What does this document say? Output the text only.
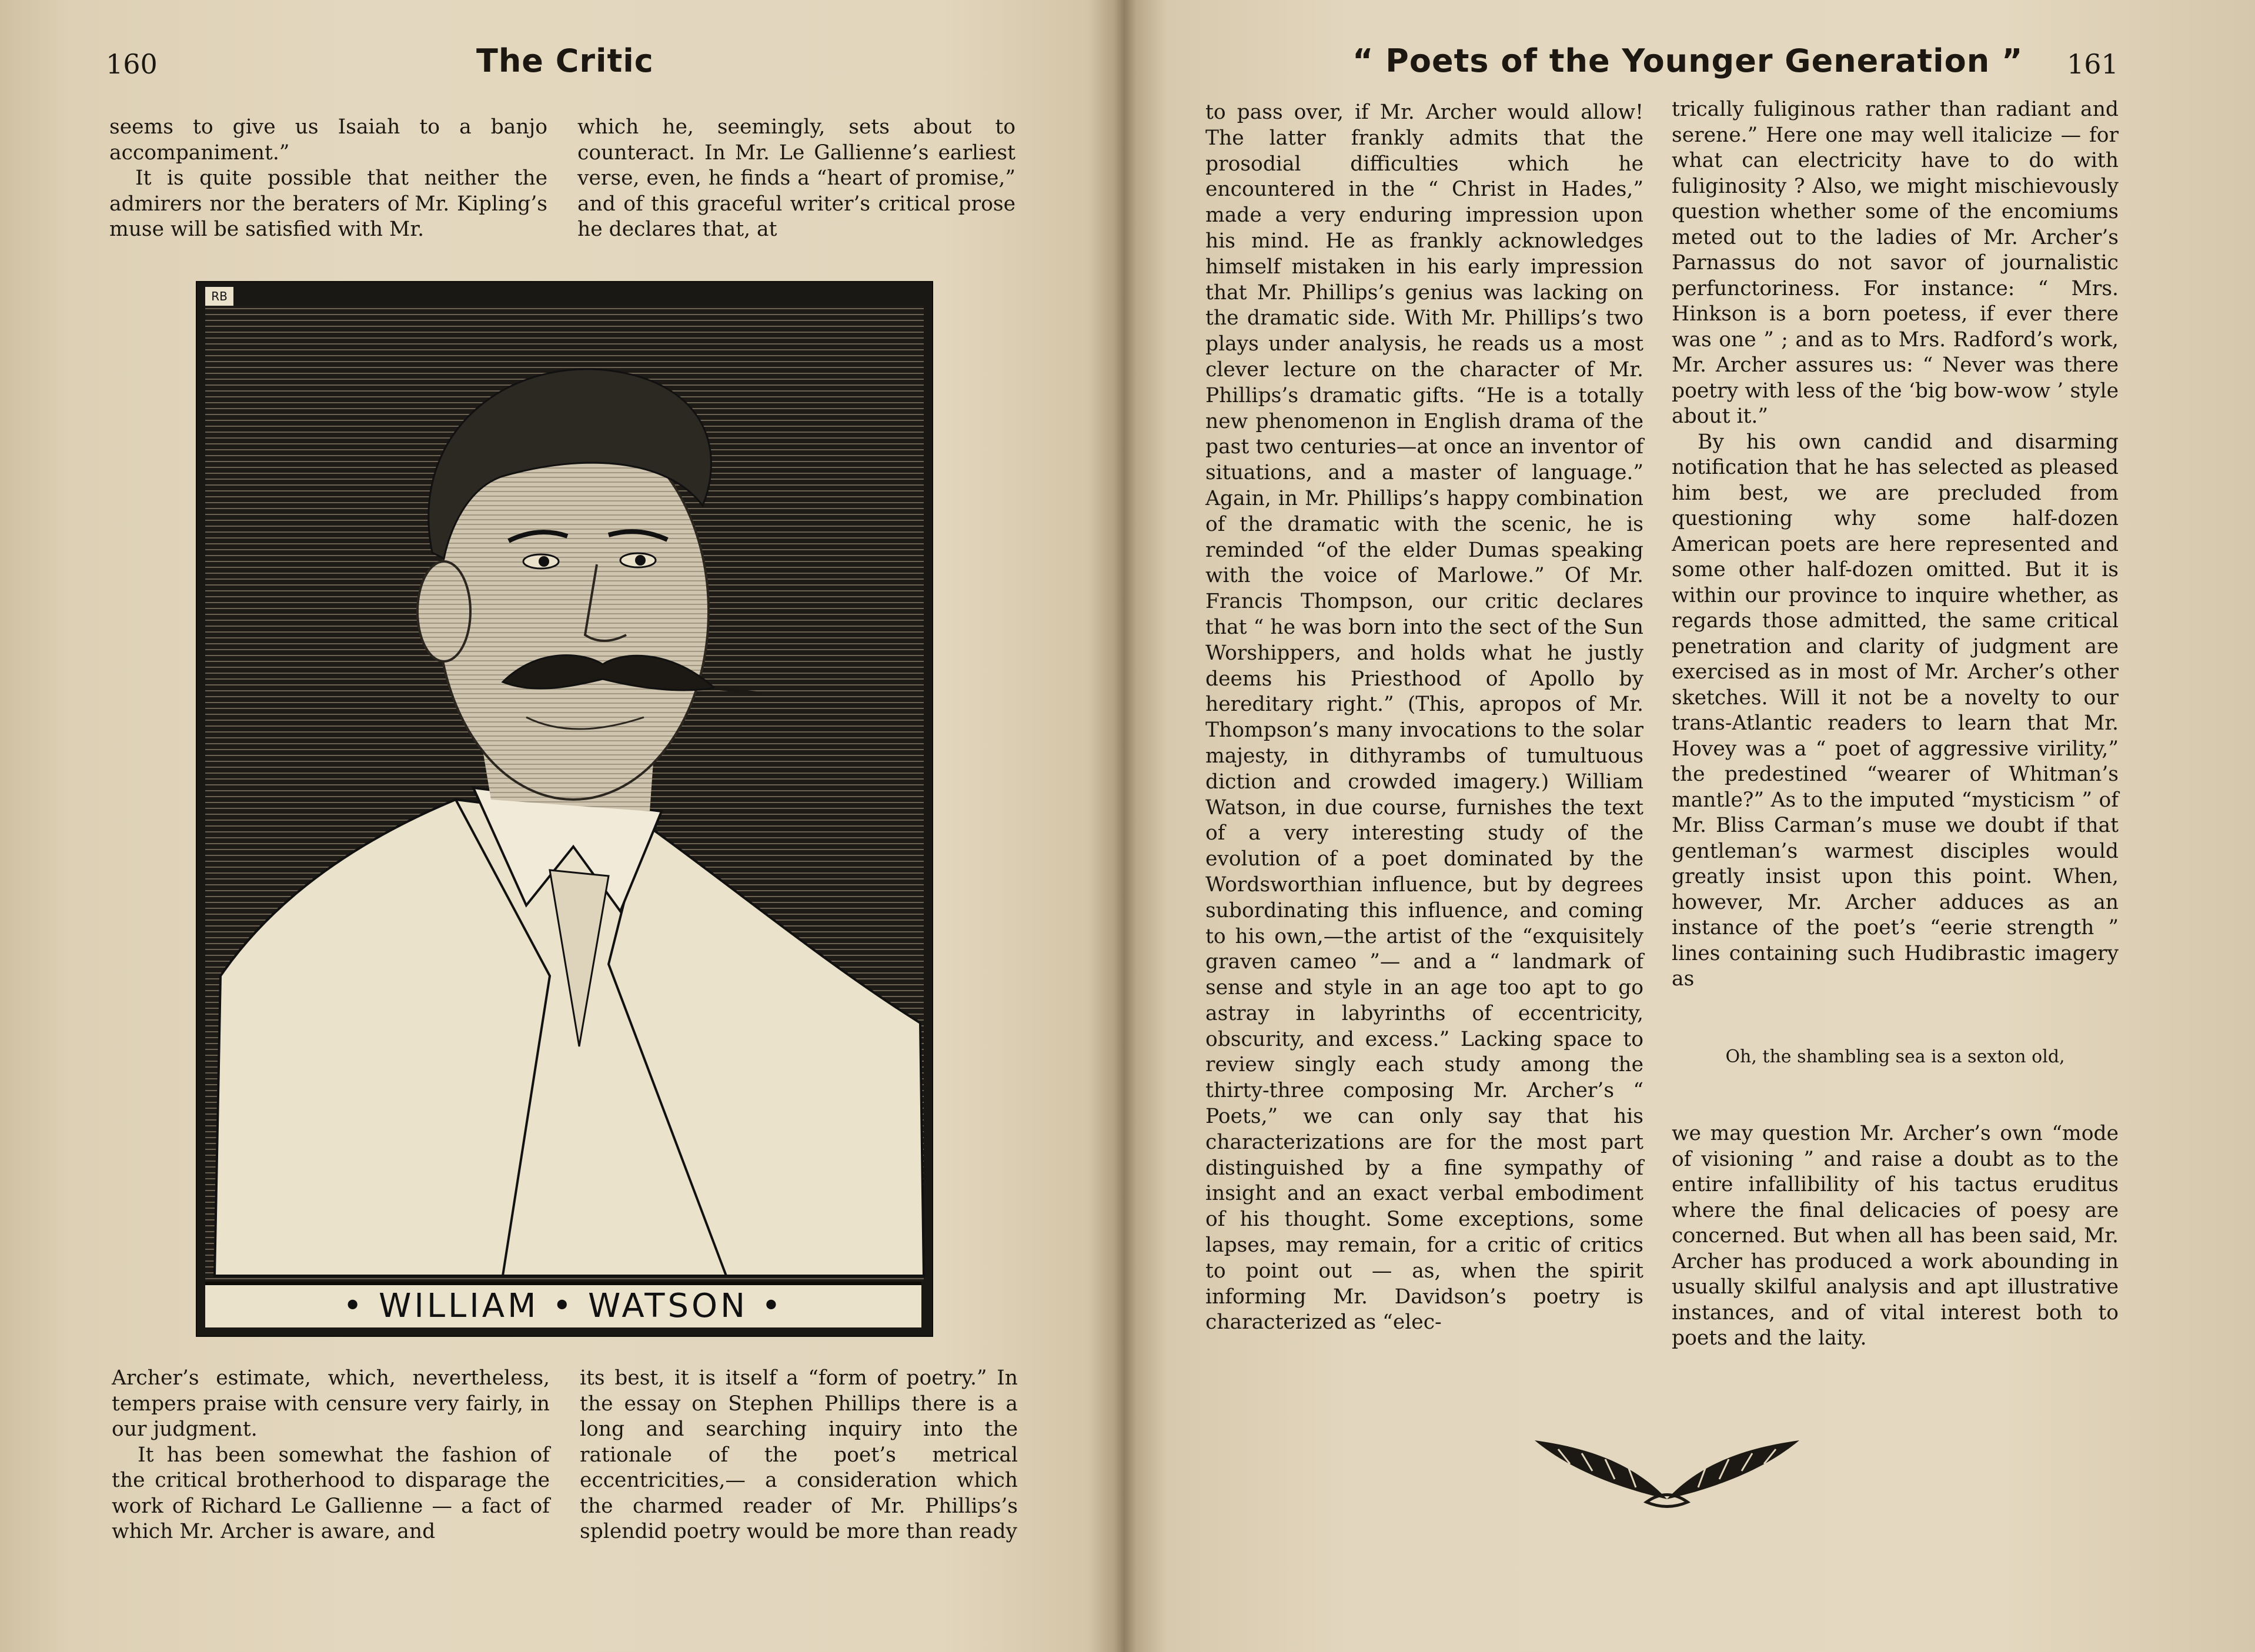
160	The Critic

seems to give us Isaiah to a banjo accompaniment.”

It is quite possible that neither the admirers nor the beraters of Mr. Kipling’s muse will be satisfied with Mr.

which he, seemingly, sets about to counteract. In Mr. Le Gallienne’s earliest verse, even, he finds a “heart of promise,” and of this graceful writer’s critical prose he declares that, at

RB
• WILLIAM • WATSON •

Archer’s estimate, which, nevertheless, tempers praise with censure very fairly, in our judgment.

It has been somewhat the fashion of the critical brotherhood to disparage the work of Richard Le Gallienne — a fact of which Mr. Archer is aware, and

its best, it is itself a “form of poetry.” In the essay on Stephen Phillips there is a long and searching inquiry into the rationale of the poet’s metrical eccentricities,— a consideration which the charmed reader of Mr. Phillips’s splendid poetry would be more than ready

“ Poets of the Younger Generation ” 161

to pass over, if Mr. Archer would allow! The latter frankly admits that the prosodial difficulties which he encountered in the “ Christ in Hades,” made a very enduring impression upon his mind. He as frankly acknowledges himself mistaken in his early impression that Mr. Phillips’s genius was lacking on the dramatic side. With Mr. Phillips’s two plays under analysis, he reads us a most clever lecture on the character of Mr. Phillips’s dramatic gifts. “He is a totally new phenomenon in English drama of the past two centuries—at once an inventor of situations, and a master of language.” Again, in Mr. Phillips’s happy combination of the dramatic with the scenic, he is reminded “of the elder Dumas speaking with the voice of Marlowe.” Of Mr. Francis Thompson, our critic declares that “ he was born into the sect of the Sun Worshippers, and holds what he justly deems his Priesthood of Apollo by hereditary right.” (This, apropos of Mr. Thompson’s many invocations to the solar majesty, in dithyrambs of tumultuous diction and crowded imagery.) William Watson, in due course, furnishes the text of a very interesting study of the evolution of a poet dominated by the Wordsworthian influence, but by degrees subordinating this influence, and coming to his own,—the artist of the “exquisitely graven cameo ”— and a “ landmark of sense and style in an age too apt to go astray in labyrinths of eccentricity, obscurity, and excess.” Lacking space to review singly each study among the thirty-three composing Mr. Archer’s “ Poets,” we can only say that his characterizations are for the most part distinguished by a fine sympathy of insight and an exact verbal embodiment of his thought. Some exceptions, some lapses, may remain, for a critic of critics to point out — as, when the spirit informing Mr. Davidson’s poetry is characterized as “elec-

trically fuliginous rather than radiant and serene.” Here one may well italicize — for what can electricity have to do with fuliginosity ? Also, we might mischievously question whether some of the encomiums meted out to the ladies of Mr. Archer’s Parnassus do not savor of journalistic perfunctoriness. For instance: “ Mrs. Hinkson is a born poetess, if ever there was one ” ; and as to Mrs. Radford’s work, Mr. Archer assures us: “ Never was there poetry with less of the ‘big bow-wow ’ style about it.”

By his own candid and disarming notification that he has selected as pleased him best, we are precluded from questioning why some half-dozen American poets are here represented and some other half-dozen omitted. But it is within our province to inquire whether, as regards those admitted, the same critical penetration and clarity of judgment are exercised as in most of Mr. Archer’s other sketches. Will it not be a novelty to our trans-Atlantic readers to learn that Mr. Hovey was a “ poet of aggressive virility,” the predestined “wearer of Whitman’s mantle?” As to the imputed “mysticism ” of Mr. Bliss Carman’s muse we doubt if that gentleman’s warmest disciples would greatly insist upon this point. When, however, Mr. Archer adduces as an instance of the poet’s “eerie strength ” lines containing such Hudibrastic imagery as

Oh, the shambling sea is a sexton old,

we may question Mr. Archer’s own “mode of visioning ” and raise a doubt as to the entire infallibility of his tactus eruditus where the final delicacies of poesy are concerned. But when all has been said, Mr. Archer has produced a work abounding in usually skilful analysis and apt illustrative instances, and of vital interest both to poets and the laity.
